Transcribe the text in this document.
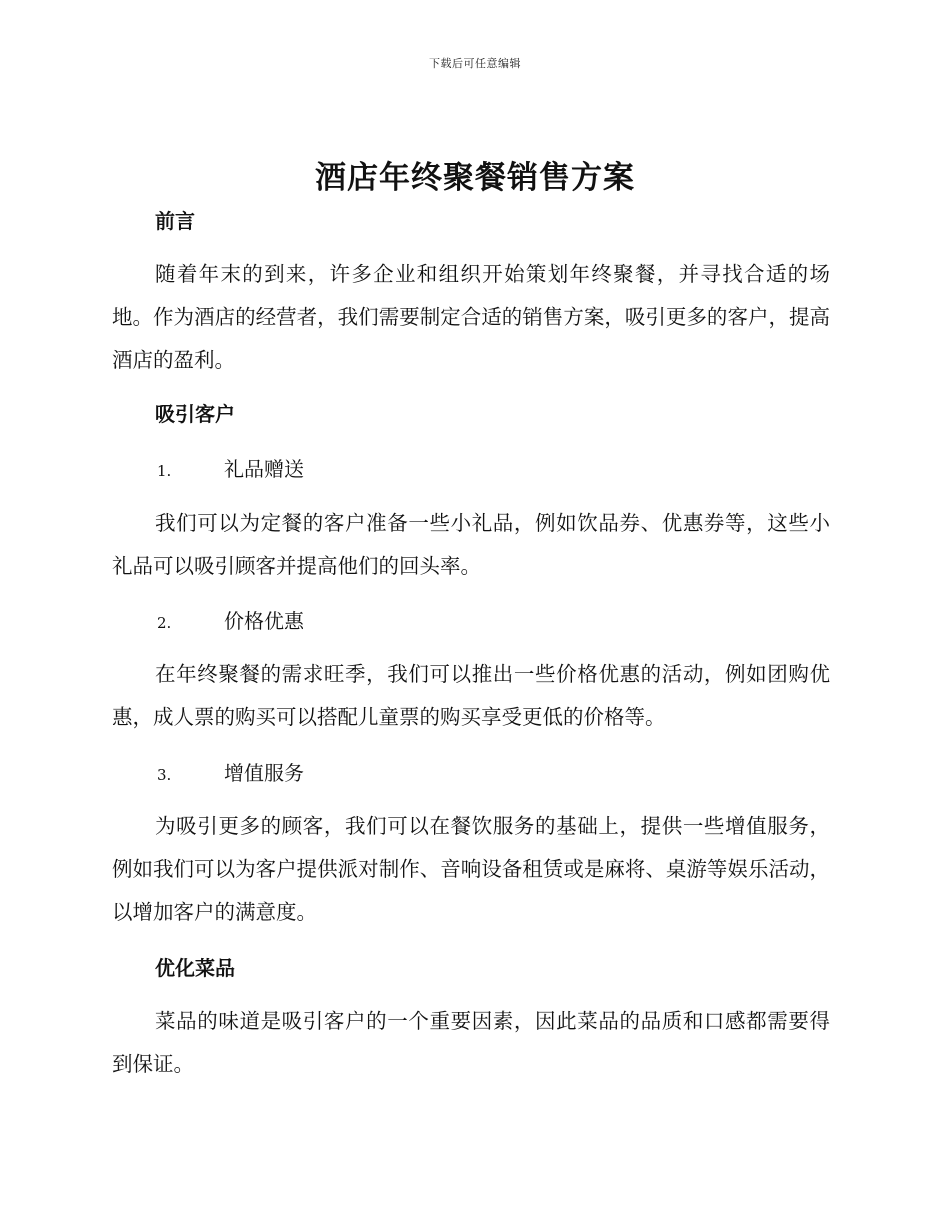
下载后可任意编辑
酒店年终聚餐销售方案
前言

随着年末的到来，许多企业和组织开始策划年终聚餐，并寻找合适的场地。作为酒店的经营者，我们需要制定合适的销售方案，吸引更多的客户，提高酒店的盈利。

吸引客户
1.	礼品赠送

我们可以为定餐的客户准备一些小礼品，例如饮品券、优惠券等，这些小礼品可以吸引顾客并提高他们的回头率。

2.	价格优惠

在年终聚餐的需求旺季，我们可以推出一些价格优惠的活动，例如团购优惠，成人票的购买可以搭配儿童票的购买享受更低的价格等。

3.	增值服务

为吸引更多的顾客，我们可以在餐饮服务的基础上，提供一些增值服务，例如我们可以为客户提供派对制作、音响设备租赁或是麻将、桌游等娱乐活动，以增加客户的满意度。

优化菜品

菜品的味道是吸引客户的一个重要因素，因此菜品的品质和口感都需要得到保证。
